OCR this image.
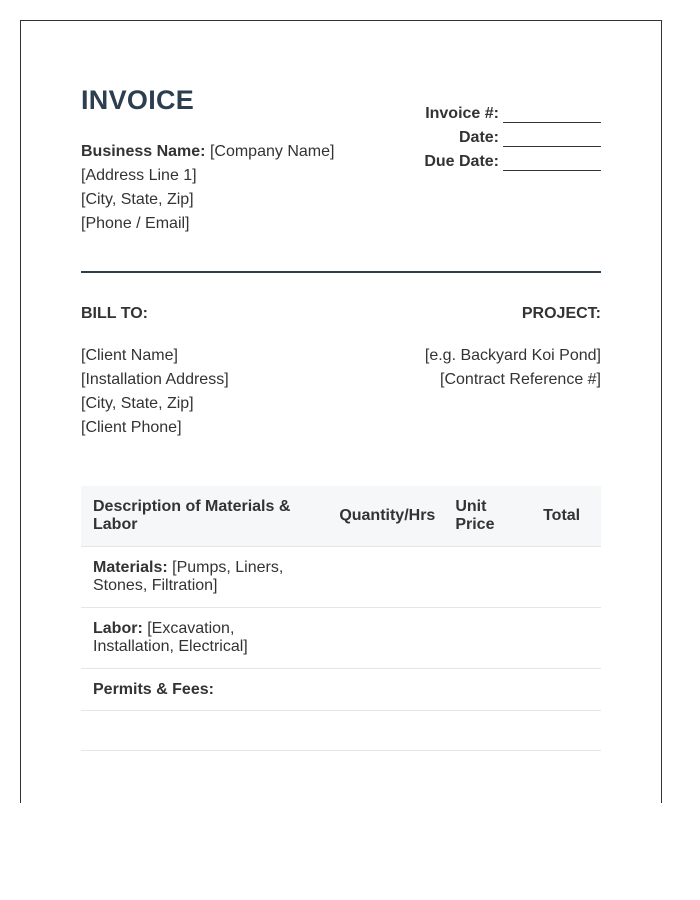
INVOICE	Invoice #:
Date:
Due Date:
Business Name: [Company Name]
[Address Line 1]
[City, State, Zip]
[Phone / Email]
BILL TO:	PROJECT:
[Client Name]
[Installation Address]
[City, State, Zip]
[Client Phone]
[e.g. Backyard Koi Pond]
[Contract Reference #]
Description of Materials & Labor	Quantity/Hrs	Unit Price	Total
Materials: [Pumps, Liners, Stones, Filtration]			
Labor: [Excavation, Installation, Electrical]			
Permits & Fees:			
